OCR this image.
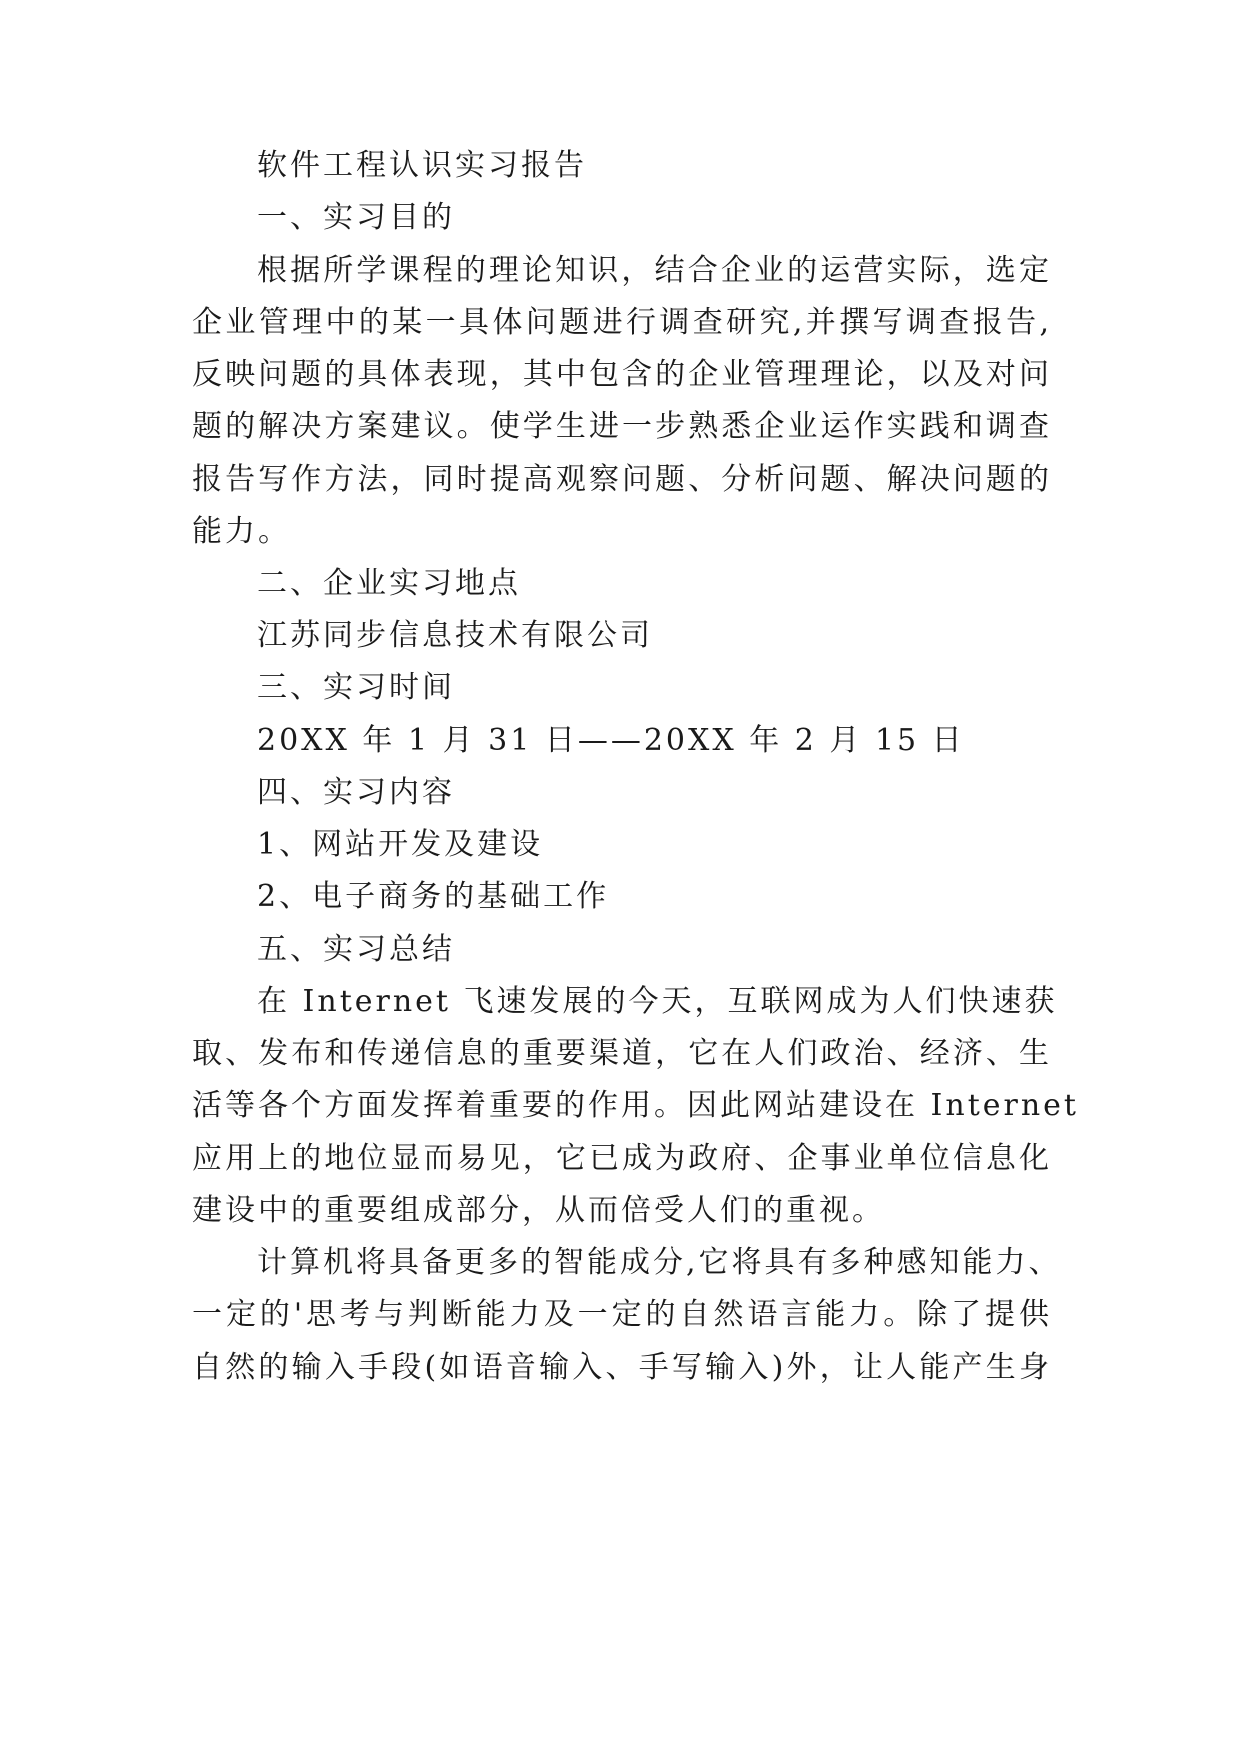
软件工程认识实习报告

一、实习目的

根据所学课程的理论知识，结合企业的运营实际，选定

企业管理中的某一具体问题进行调查研究,并撰写调查报告,

反映问题的具体表现，其中包含的企业管理理论，以及对问

题的解决方案建议。使学生进一步熟悉企业运作实践和调查

报告写作方法，同时提高观察问题、分析问题、解决问题的

能力。

二、企业实习地点

江苏同步信息技术有限公司

三、实习时间

20XX 年 1 月 31 日——20XX 年 2 月 15 日

四、实习内容

1、网站开发及建设

2、电子商务的基础工作

五、实习总结

在 Internet 飞速发展的今天，互联网成为人们快速获

取、发布和传递信息的重要渠道，它在人们政治、经济、生

活等各个方面发挥着重要的作用。因此网站建设在 Internet

应用上的地位显而易见，它已成为政府、企事业单位信息化

建设中的重要组成部分，从而倍受人们的重视。

计算机将具备更多的智能成分,它将具有多种感知能力、

一定的'思考与判断能力及一定的自然语言能力。除了提供

自然的输入手段(如语音输入、手写输入)外，让人能产生身
